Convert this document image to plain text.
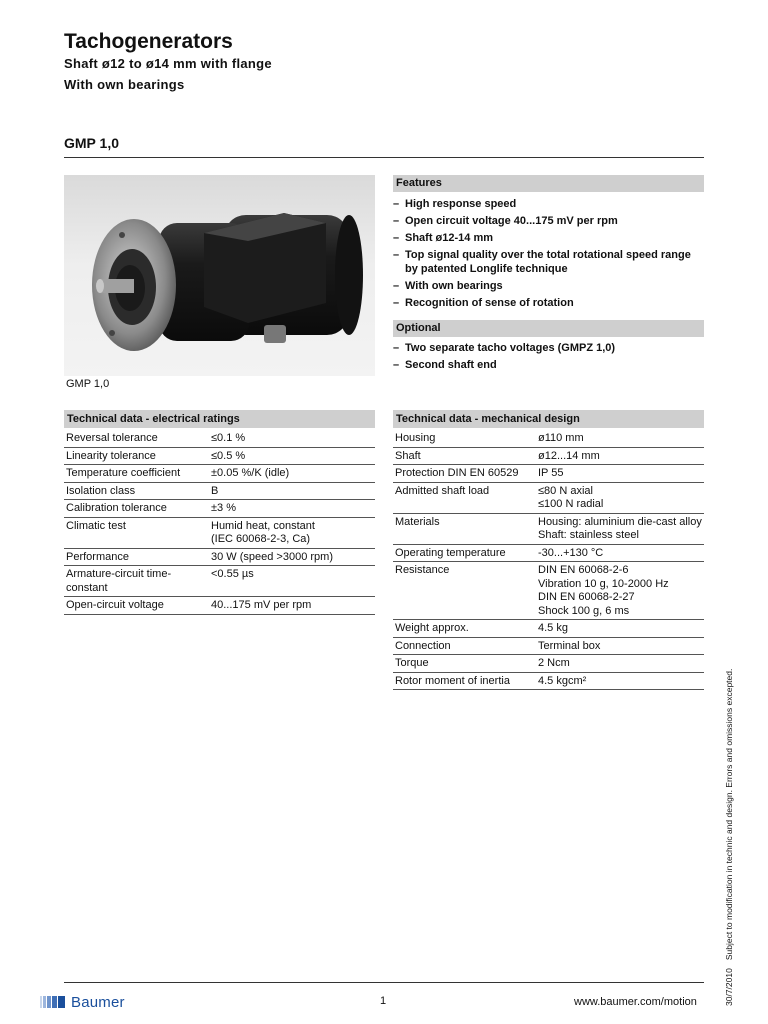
Tachogenerators
Shaft ø12 to ø14 mm with flange
With own bearings
GMP 1,0
GMP 1,0
Features
– High response speed
– Open circuit voltage 40...175 mV per rpm
– Shaft ø12-14 mm
– Top signal quality over the total rotational speed range by patented Longlife technique
– With own bearings
– Recognition of sense of rotation
Optional
– Two separate tacho voltages (GMPZ 1,0)
– Second shaft end
Technical data - electrical ratings
Reversal tolerance	≤0.1 %
Linearity tolerance	≤0.5 %
Temperature coefficient	±0.05 %/K (idle)
Isolation class	B
Calibration tolerance	±3 %
Climatic test	Humid heat, constant
(IEC 60068-2-3, Ca)
Performance	30 W (speed >3000 rpm)
Armature-circuit time-constant	<0.55 µs
Open-circuit voltage	40...175 mV per rpm
Technical data - mechanical design
Housing	ø110 mm
Shaft	ø12...14 mm
Protection DIN EN 60529	IP 55
Admitted shaft load	≤80 N axial
≤100 N radial
Materials	Housing: aluminium die-cast alloy
Shaft: stainless steel
Operating temperature	-30...+130 °C
Resistance	DIN EN 60068-2-6
Vibration 10 g, 10-2000 Hz
DIN EN 60068-2-27
Shock 100 g, 6 ms
Weight approx.	4.5 kg
Connection	Terminal box
Torque	2 Ncm
Rotor moment of inertia	4.5 kgcm²
30/7/2010Subject to modification in technic and design. Errors and omissions excepted.
Baumer	1	www.baumer.com/motion
